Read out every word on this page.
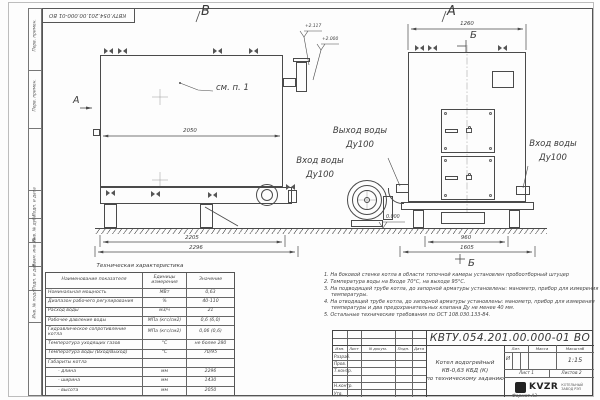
Перв. примен.
Перв. примен.
Подп. и дата
Инв. № дубл.
Взам. инв. №
Подп. и дата
Инв. № подл.
КВТУ.054.201.00.000-01 ВО	В	А
см. п. 1
А
Б
Б
Выход воды
Ду100
Вход воды
Ду100
Вход воды
Ду100
+2.117
+2.000
0.000
2050
2205
2296
1260
960
1605
Техническая характеристика
Наименование показателя	Единицы измерения	Значение
Номинальная мощность	МВт	0,63
Диапазон рабочего регулирования	%	40-110
Расход воды	м3/ч	21
Рабочее давление воды	МПа (кгс/см2)	0,6 (6,0)
Гидравлическое сопротивление котла	МПа (кгс/см2)	0,06 (0,6)
Температура уходящих газов	°С	не более 280
Температура воды (Вход/Выход)	°С	70/95
Габариты котла
- длина	мм	2296
- ширина	мм	1430
- высота	мм	2050
1. На боковой стенке котла в области топочной камеры установлен пробоотборный штуцер
2. Температура воды на Входе 70°С, на выходе 95°С.
3. На подводящей трубе котла, до запорной арматуры установлены: манометр, прибор для измерения температуры.
4. На отводящей трубе котла, до запорной арматуры установлены: манометр, прибор для измерения температуры и два предохранительных клапана Ду не менее 40 мм.
5. Остальные технические требования по ОСТ 108.030.133-84.
КВТУ.054.201.00.000-01 ВО
Изм.	Лист	N докум.	Подп.	Дата
Разраб.
Пров.
Т.контр.
Н.контр.
Утв.
Котел водогрейный
КВ-0,63 КБД (К)
по техническому заданию
Лит.	Масса	Масштаб
И	1:15
Лист 1	Листов 2
KVZR КОТЕЛЬНЫЙ
ЗАВОД РЭП
Формат А3
